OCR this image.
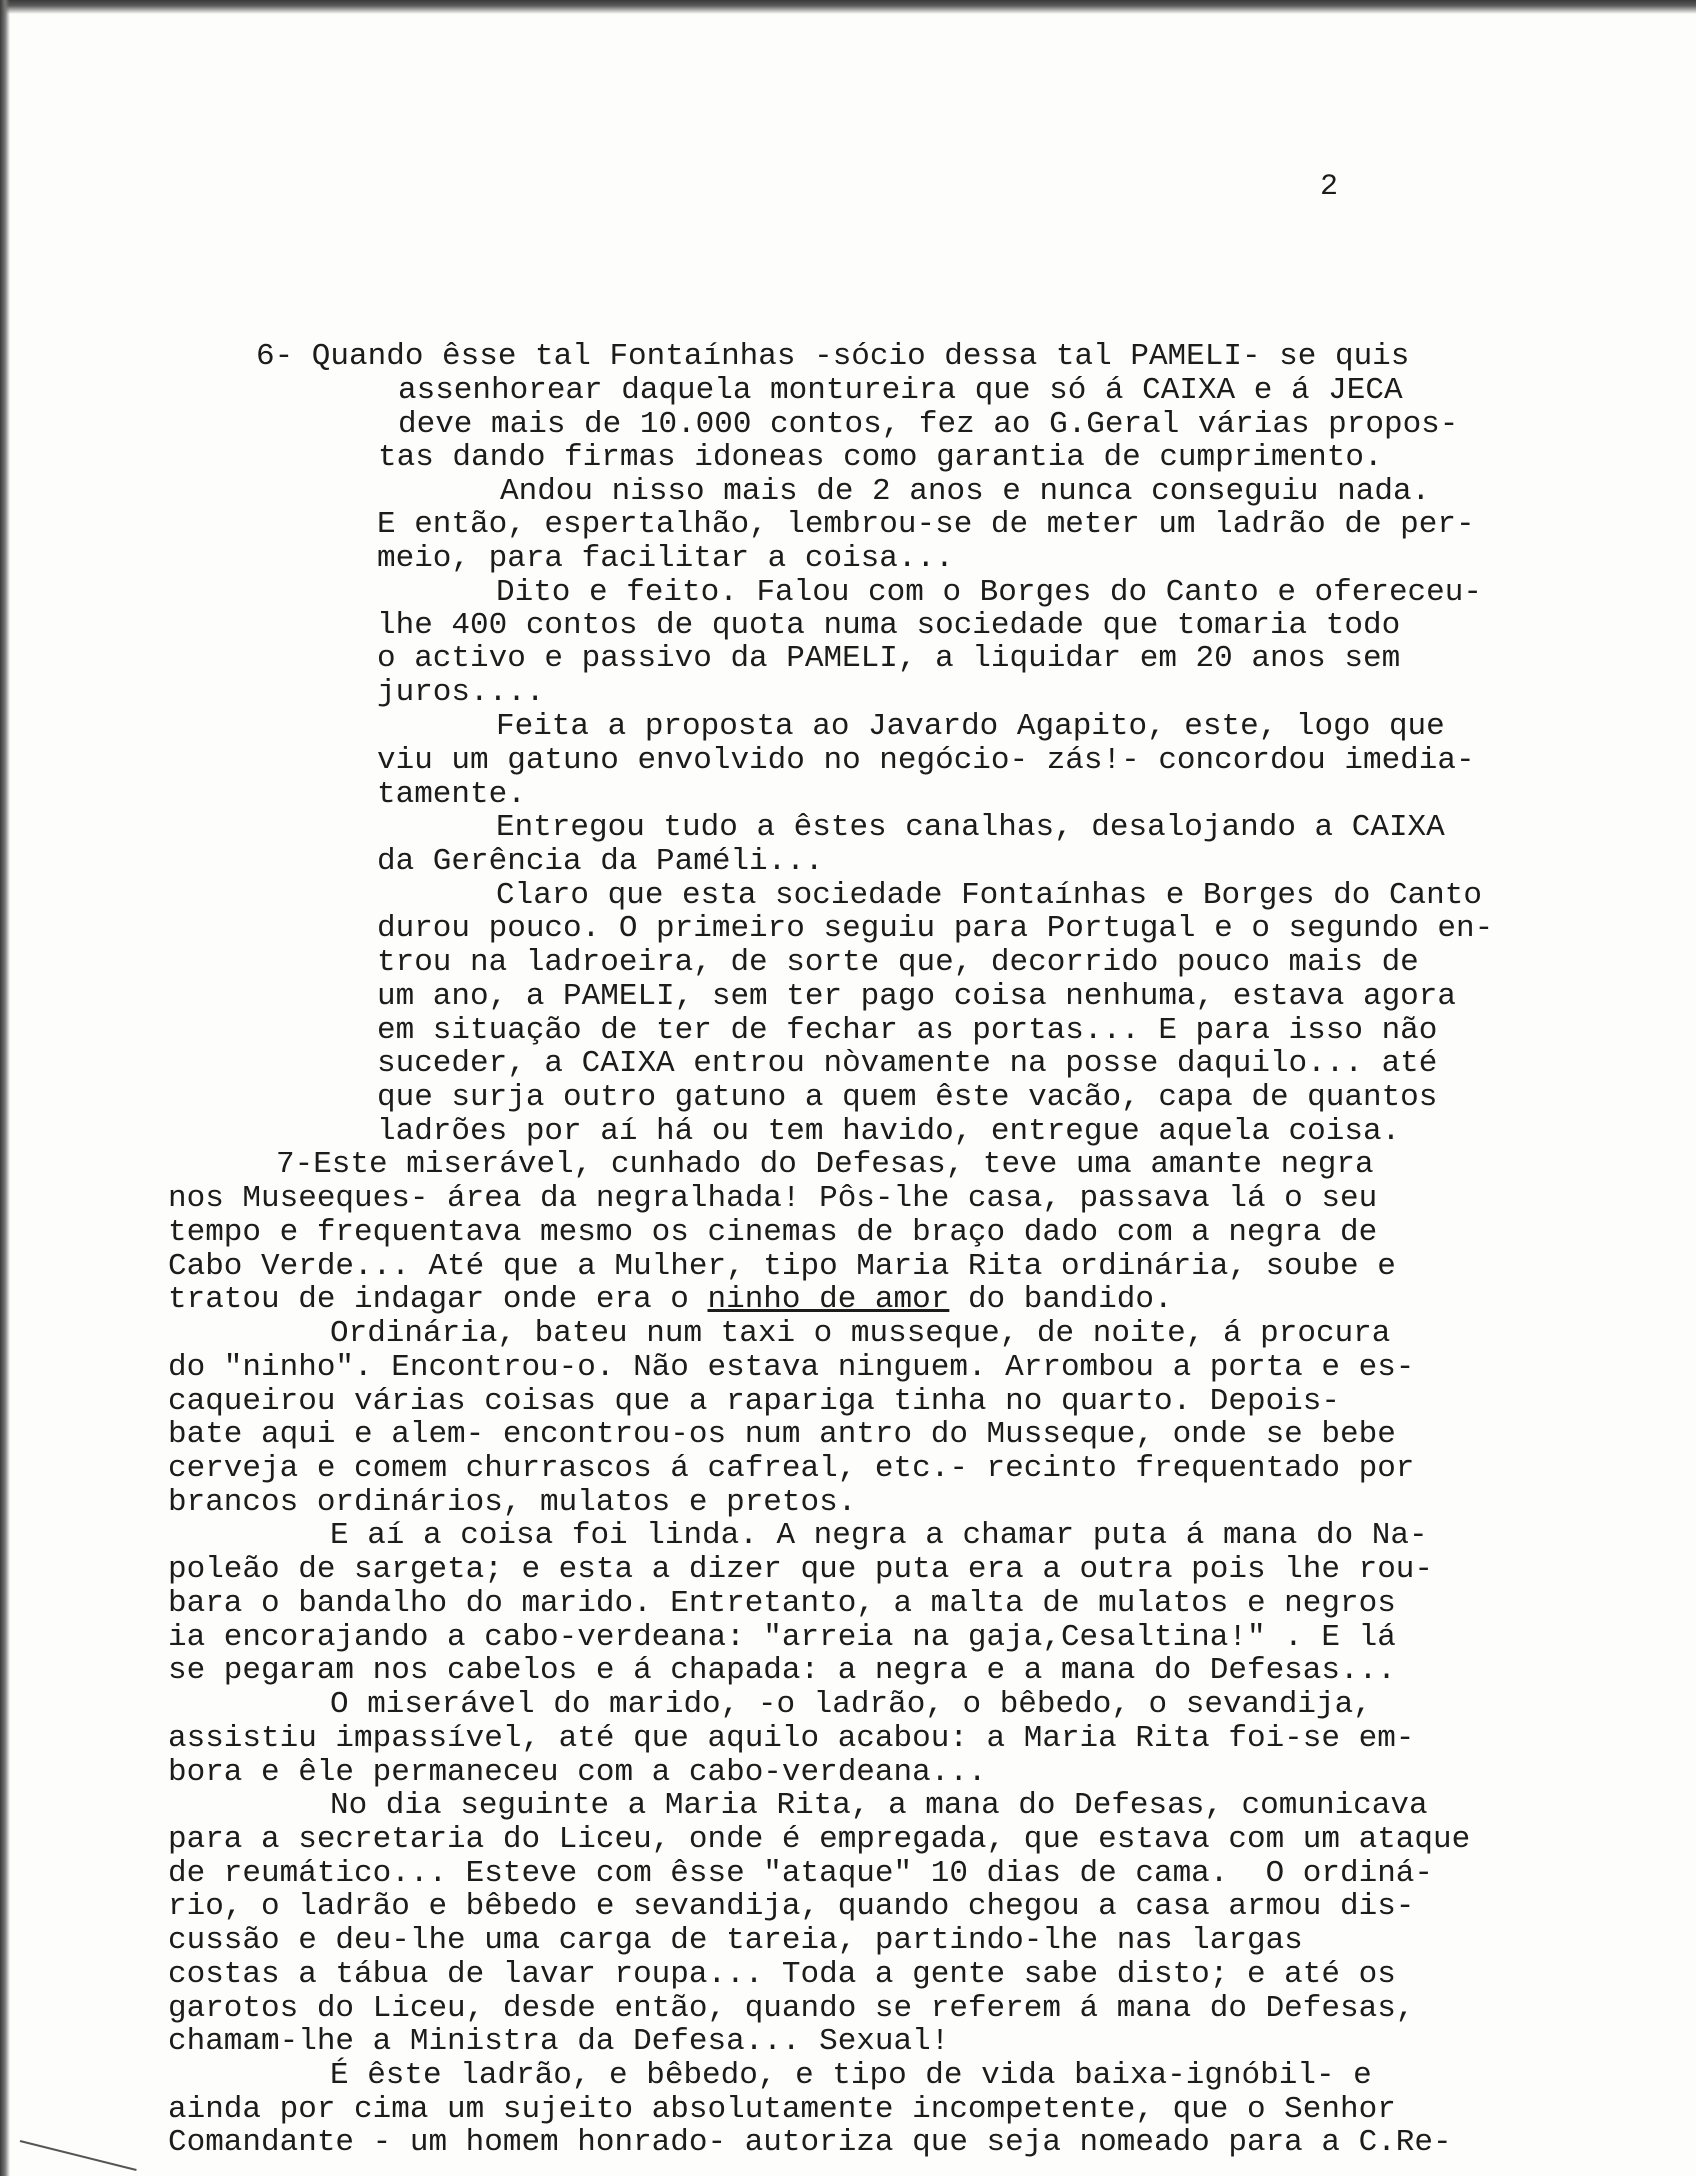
2
6- Quando êsse tal Fontaínhas -sócio dessa tal PAMELI- se quis
assenhorear daquela montureira que só á CAIXA e á JECA
deve mais de 10.000 contos, fez ao G.Geral várias propos-
tas dando firmas idoneas como garantia de cumprimento.
Andou nisso mais de 2 anos e nunca conseguiu nada.
E então, espertalhão, lembrou-se de meter um ladrão de per-
meio, para facilitar a coisa...
Dito e feito. Falou com o Borges do Canto e ofereceu-
lhe 400 contos de quota numa sociedade que tomaria todo
o activo e passivo da PAMELI, a liquidar em 20 anos sem
juros....
Feita a proposta ao Javardo Agapito, este, logo que
viu um gatuno envolvido no negócio- zás!- concordou imedia-
tamente.
Entregou tudo a êstes canalhas, desalojando a CAIXA
da Gerência da Paméli...
Claro que esta sociedade Fontaínhas e Borges do Canto
durou pouco. O primeiro seguiu para Portugal e o segundo en-
trou na ladroeira, de sorte que, decorrido pouco mais de
um ano, a PAMELI, sem ter pago coisa nenhuma, estava agora
em situação de ter de fechar as portas... E para isso não
suceder, a CAIXA entrou nòvamente na posse daquilo... até
que surja outro gatuno a quem êste vacão, capa de quantos
ladrões por aí há ou tem havido, entregue aquela coisa.
7-Este miserável, cunhado do Defesas, teve uma amante negra
nos Museeques- área da negralhada! Pôs-lhe casa, passava lá o seu
tempo e frequentava mesmo os cinemas de braço dado com a negra de
Cabo Verde... Até que a Mulher, tipo Maria Rita ordinária, soube e
tratou de indagar onde era o ninho de amor do bandido.
Ordinária, bateu num taxi o musseque, de noite, á procura
do "ninho". Encontrou-o. Não estava ninguem. Arrombou a porta e es-
caqueirou várias coisas que a rapariga tinha no quarto. Depois-
bate aqui e alem- encontrou-os num antro do Musseque, onde se bebe
cerveja e comem churrascos á cafreal, etc.- recinto frequentado por
brancos ordinários, mulatos e pretos.
E aí a coisa foi linda. A negra a chamar puta á mana do Na-
poleão de sargeta; e esta a dizer que puta era a outra pois lhe rou-
bara o bandalho do marido. Entretanto, a malta de mulatos e negros
ia encorajando a cabo-verdeana: "arreia na gaja,Cesaltina!" . E lá
se pegaram nos cabelos e á chapada: a negra e a mana do Defesas...
O miserável do marido, -o ladrão, o bêbedo, o sevandija,
assistiu impassível, até que aquilo acabou: a Maria Rita foi-se em-
bora e êle permaneceu com a cabo-verdeana...
No dia seguinte a Maria Rita, a mana do Defesas, comunicava
para a secretaria do Liceu, onde é empregada, que estava com um ataque
de reumático... Esteve com êsse "ataque" 10 dias de cama.  O ordiná-
rio, o ladrão e bêbedo e sevandija, quando chegou a casa armou dis-
cussão e deu-lhe uma carga de tareia, partindo-lhe nas largas
costas a tábua de lavar roupa... Toda a gente sabe disto; e até os
garotos do Liceu, desde então, quando se referem á mana do Defesas,
chamam-lhe a Ministra da Defesa... Sexual!
É êste ladrão, e bêbedo, e tipo de vida baixa-ignóbil- e
ainda por cima um sujeito absolutamente incompetente, que o Senhor
Comandante - um homem honrado- autoriza que seja nomeado para a C.Re-
